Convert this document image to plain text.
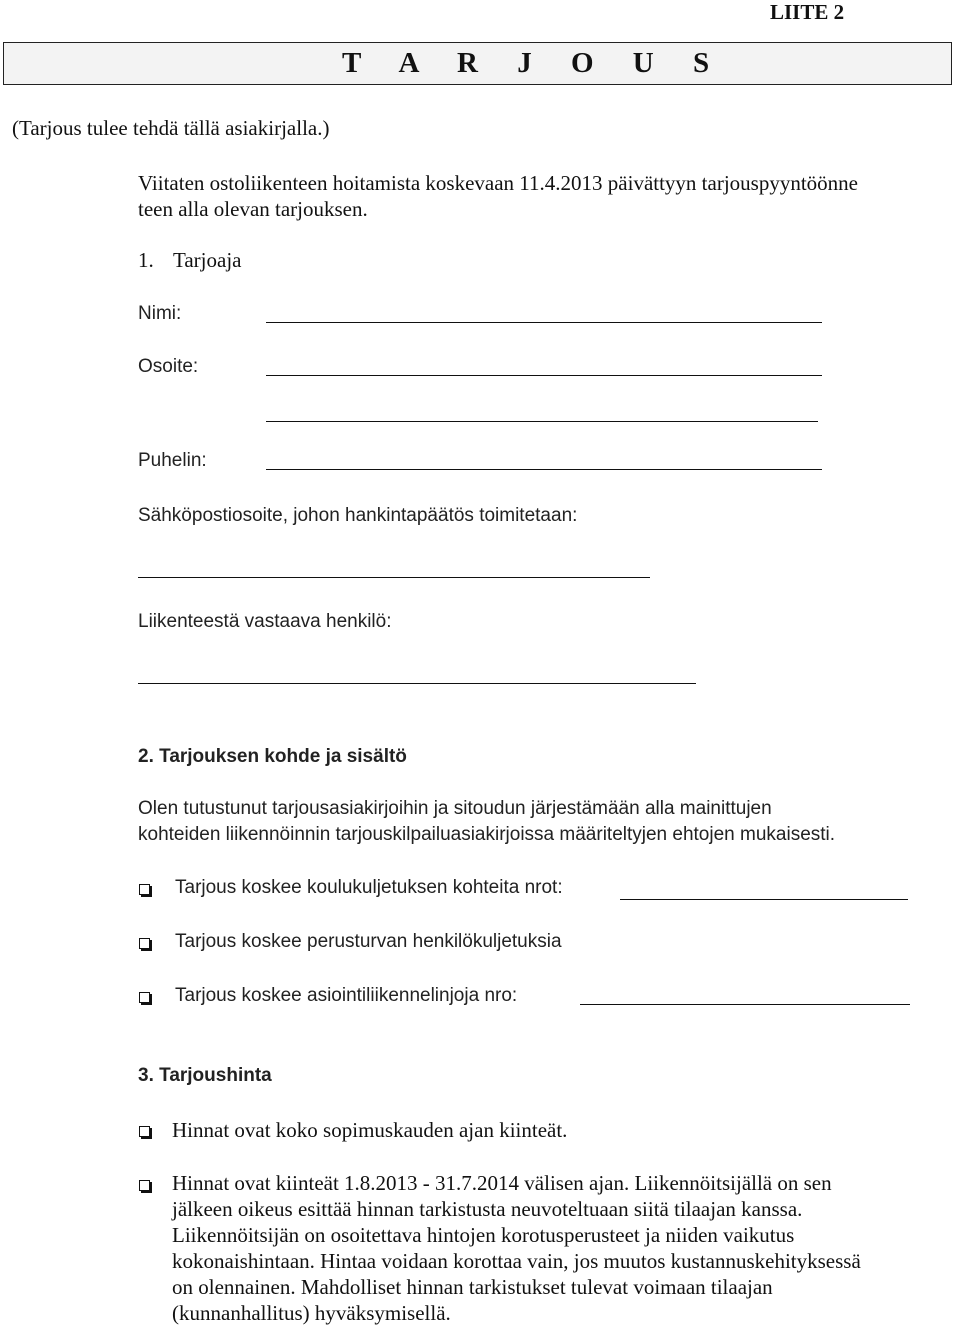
LIITE 2
T A R J O U S
(Tarjous tulee tehdä tällä asiakirjalla.)
Viitaten ostoliikenteen hoitamista koskevaan 11.4.2013 päivättyyn tarjouspyyntöönne
teen alla olevan tarjouksen.
1. Tarjoaja
Nimi:
Osoite:
Puhelin:
Sähköpostiosoite, johon hankintapäätös toimitetaan:
Liikenteestä vastaava henkilö:
2. Tarjouksen kohde ja sisältö
Olen tutustunut tarjousasiakirjoihin ja sitoudun järjestämään alla mainittujen
kohteiden liikennöinnin tarjouskilpailuasiakirjoissa määriteltyjen ehtojen mukaisesti.
Tarjous koskee koulukuljetuksen kohteita nrot:
Tarjous koskee perusturvan henkilökuljetuksia
Tarjous koskee asiointiliikennelinjoja nro:
3. Tarjoushinta
Hinnat ovat koko sopimuskauden ajan kiinteät.
Hinnat ovat kiinteät 1.8.2013 - 31.7.2014 välisen ajan. Liikennöitsijällä on sen
jälkeen oikeus esittää hinnan tarkistusta neuvoteltuaan siitä tilaajan kanssa.
Liikennöitsijän on osoitettava hintojen korotusperusteet ja niiden vaikutus
kokonaishintaan. Hintaa voidaan korottaa vain, jos muutos kustannuskehityksessä
on olennainen. Mahdolliset hinnan tarkistukset tulevat voimaan tilaajan
(kunnanhallitus) hyväksymisellä.
